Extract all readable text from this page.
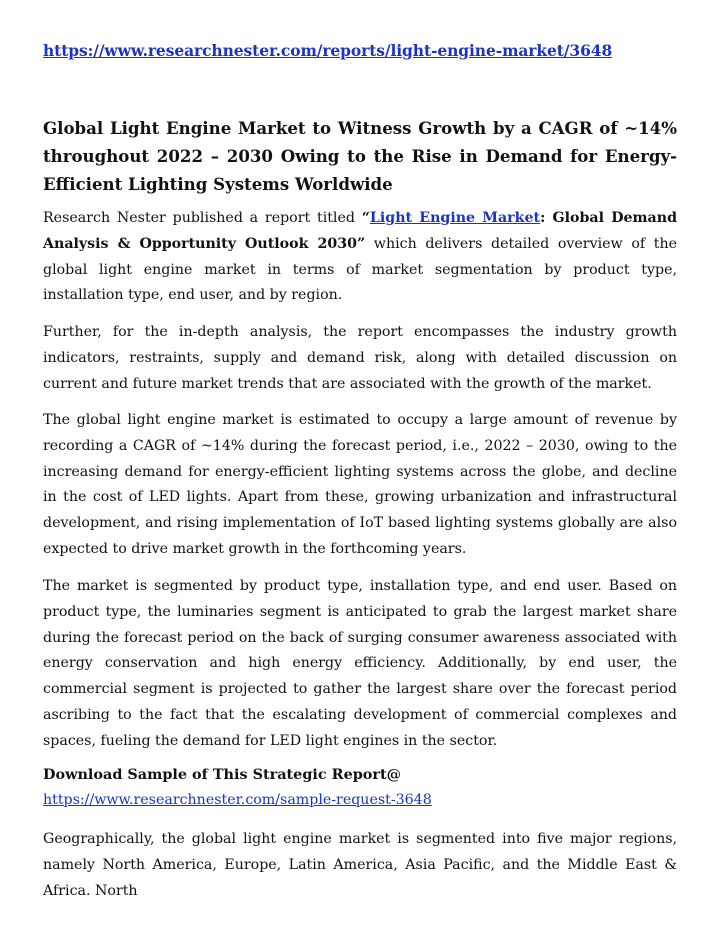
https://www.researchnester.com/reports/light-engine-market/3648
Global Light Engine Market to Witness Growth by a CAGR of ~14% throughout 2022 – 2030 Owing to the Rise in Demand for Energy-Efficient Lighting Systems Worldwide

Research Nester published a report titled “Light Engine Market: Global Demand Analysis & Opportunity Outlook 2030” which delivers detailed overview of the global light engine market in terms of market segmentation by product type, installation type, end user, and by region.

Further, for the in-depth analysis, the report encompasses the industry growth indicators, restraints, supply and demand risk, along with detailed discussion on current and future market trends that are associated with the growth of the market.

The global light engine market is estimated to occupy a large amount of revenue by recording a CAGR of ~14% during the forecast period, i.e., 2022 – 2030, owing to the increasing demand for energy-efficient lighting systems across the globe, and decline in the cost of LED lights. Apart from these, growing urbanization and infrastructural development, and rising implementation of IoT based lighting systems globally are also expected to drive market growth in the forthcoming years.

The market is segmented by product type, installation type, and end user. Based on product type, the luminaries segment is anticipated to grab the largest market share during the forecast period on the back of surging consumer awareness associated with energy conservation and high energy efficiency. Additionally, by end user, the commercial segment is projected to gather the largest share over the forecast period ascribing to the fact that the escalating development of commercial complexes and spaces, fueling the demand for LED light engines in the sector.

Download Sample of This Strategic Report@
https://www.researchnester.com/sample-request-3648

Geographically, the global light engine market is segmented into five major regions, namely North America, Europe, Latin America, Asia Pacific, and the Middle East & Africa. North
